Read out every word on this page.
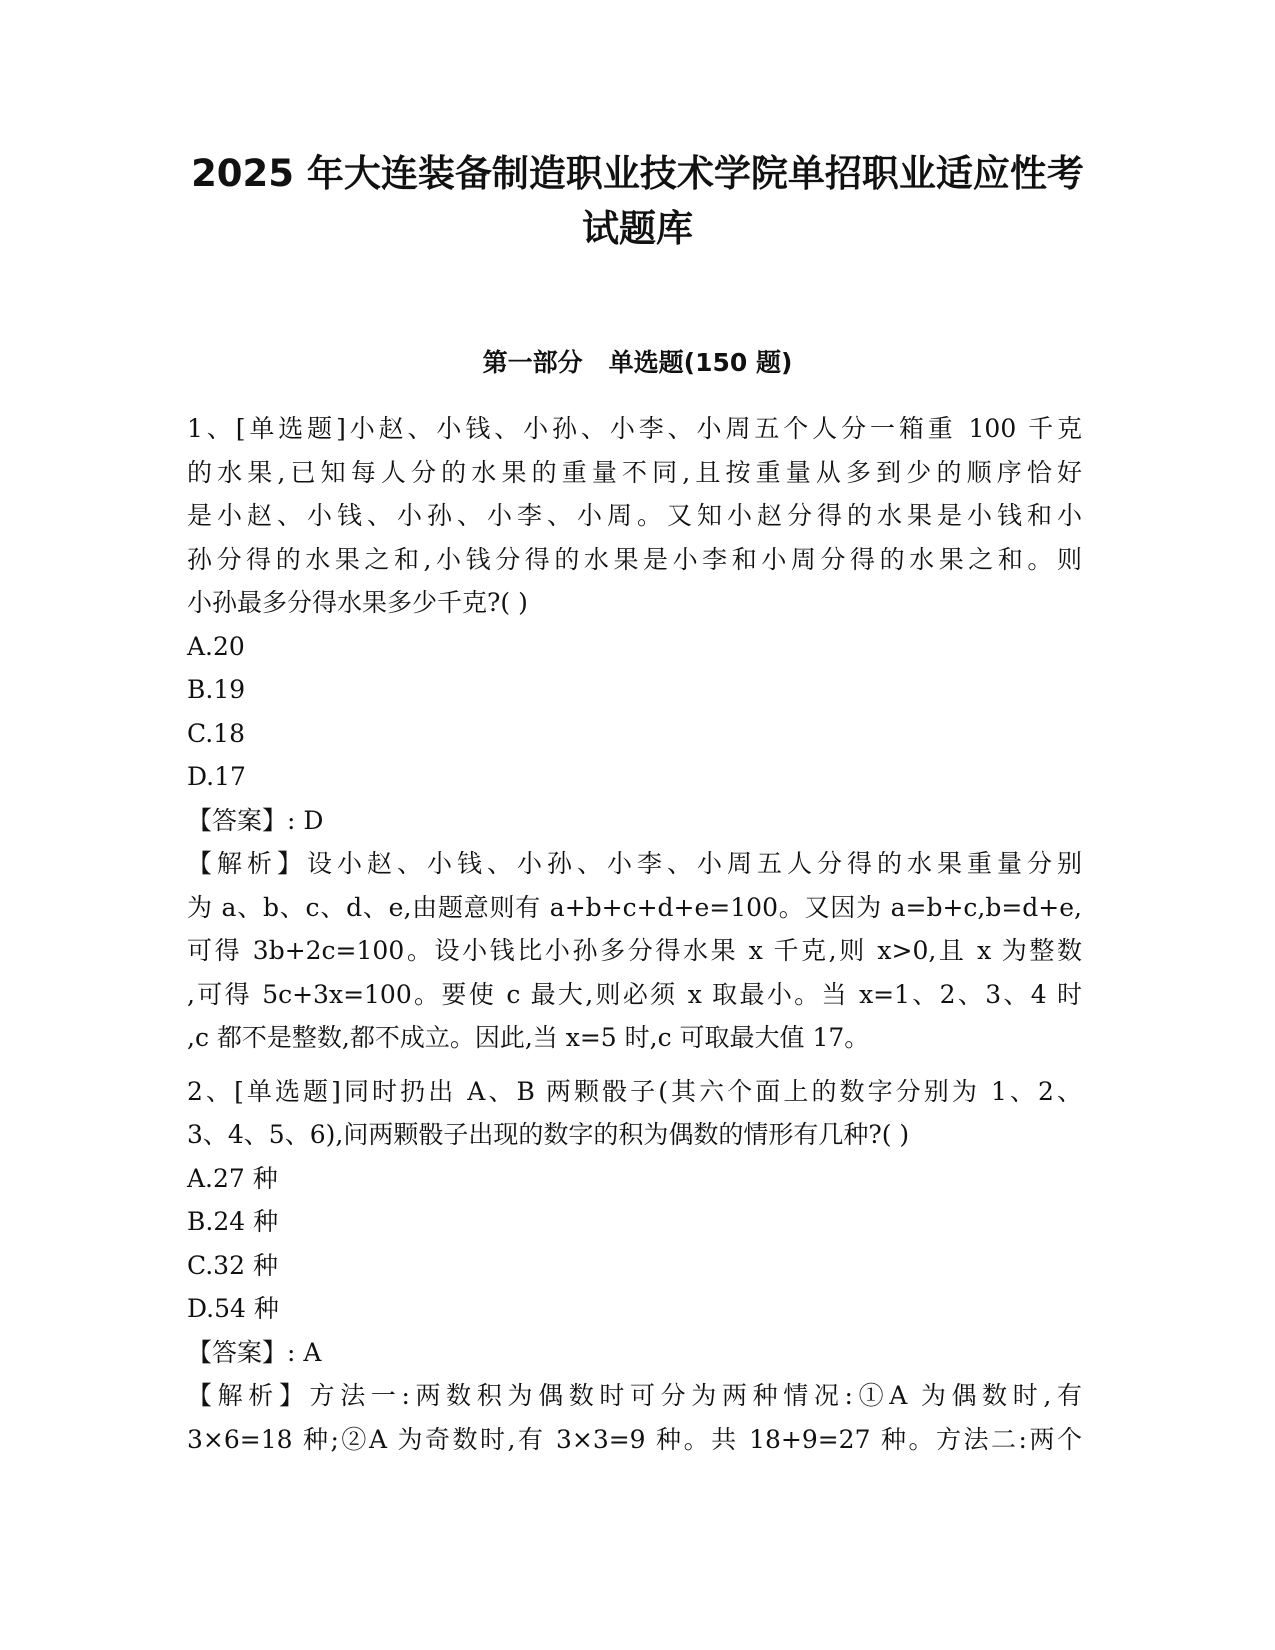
2025 年大连装备制造职业技术学院单招职业适应性考
试题库
第一部分   单选题(150 题)
1、[单选题]小赵、小钱、小孙、小李、小周五个人分一箱重 100 千克
的水果,已知每人分的水果的重量不同,且按重量从多到少的顺序恰好
是小赵、小钱、小孙、小李、小周。又知小赵分得的水果是小钱和小
孙分得的水果之和,小钱分得的水果是小李和小周分得的水果之和。则
小孙最多分得水果多少千克?( )
A.20
B.19
C.18
D.17
【答案】: D
【解析】设小赵、小钱、小孙、小李、小周五人分得的水果重量分别
为 a、b、c、d、e,由题意则有 a+b+c+d+e=100。又因为 a=b+c,b=d+e,
可得 3b+2c=100。设小钱比小孙多分得水果 x 千克,则 x>0,且 x 为整数
,可得 5c+3x=100。要使 c 最大,则必须 x 取最小。当 x=1、2、3、4 时
,c 都不是整数,都不成立。因此,当 x=5 时,c 可取最大值 17。
2、[单选题]同时扔出 A、B 两颗骰子(其六个面上的数字分别为 1、2、
3、4、5、6),问两颗骰子出现的数字的积为偶数的情形有几种?( )
A.27 种
B.24 种
C.32 种
D.54 种
【答案】: A
【解析】方法一:两数积为偶数时可分为两种情况:①A 为偶数时,有
3×6=18 种;②A 为奇数时,有 3×3=9 种。共 18+9=27 种。方法二:两个
